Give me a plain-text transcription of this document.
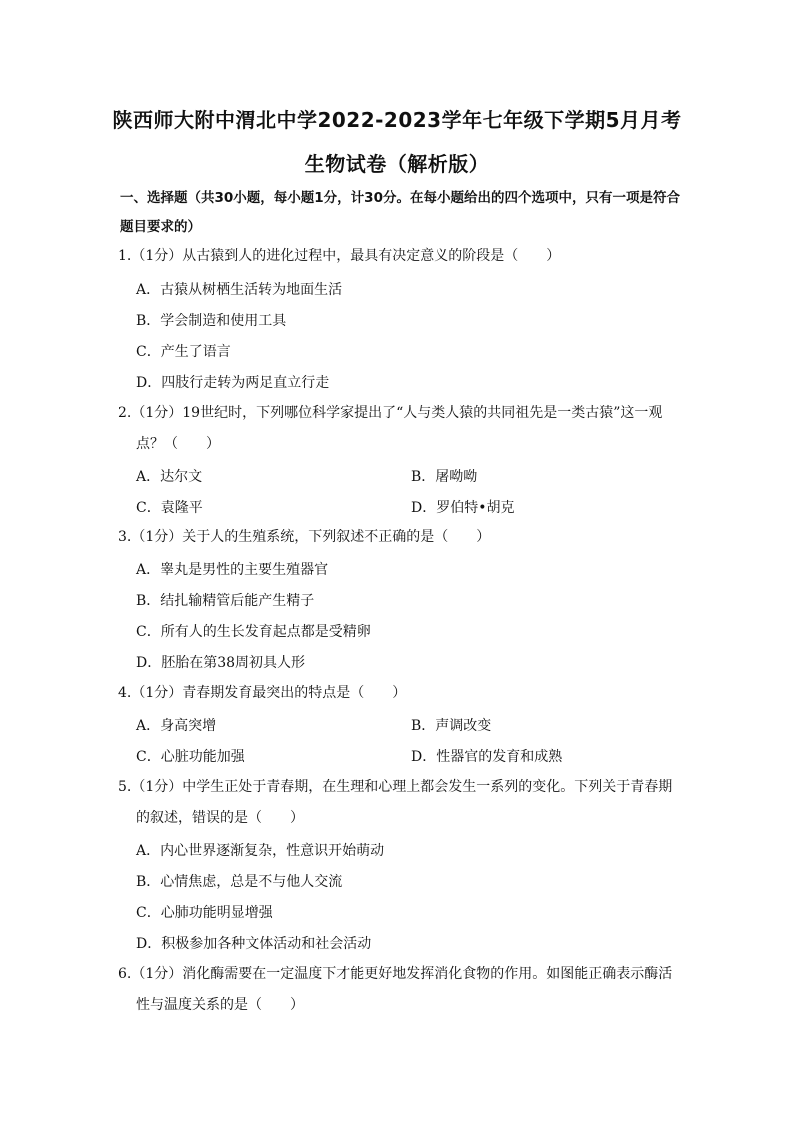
陕西师大附中渭北中学2022-2023学年七年级下学期5月月考生物试卷（解析版）
一、选择题（共30小题，每小题1分，计30分。在每小题给出的四个选项中，只有一项是符合题目要求的）
1.（1分）从古猿到人的进化过程中，最具有决定意义的阶段是（　　）
A．古猿从树栖生活转为地面生活
B．学会制造和使用工具
C．产生了语言
D．四肢行走转为两足直立行走
2.（1分）19世纪时，下列哪位科学家提出了“人与类人猿的共同祖先是一类古猿”这一观
点？（　　）
A．达尔文	B．屠呦呦
C．袁隆平	D．罗伯特•胡克
3.（1分）关于人的生殖系统，下列叙述不正确的是（　　）
A．睾丸是男性的主要生殖器官
B．结扎输精管后能产生精子
C．所有人的生长发育起点都是受精卵
D．胚胎在第38周初具人形
4.（1分）青春期发育最突出的特点是（　　）
A．身高突增	B．声调改变
C．心脏功能加强	D．性器官的发育和成熟
5.（1分）中学生正处于青春期，在生理和心理上都会发生一系列的变化。下列关于青春期
的叙述，错误的是（　　）
A．内心世界逐渐复杂，性意识开始萌动
B．心情焦虑，总是不与他人交流
C．心肺功能明显增强
D．积极参加各种文体活动和社会活动
6.（1分）消化酶需要在一定温度下才能更好地发挥消化食物的作用。如图能正确表示酶活
性与温度关系的是（　　）
